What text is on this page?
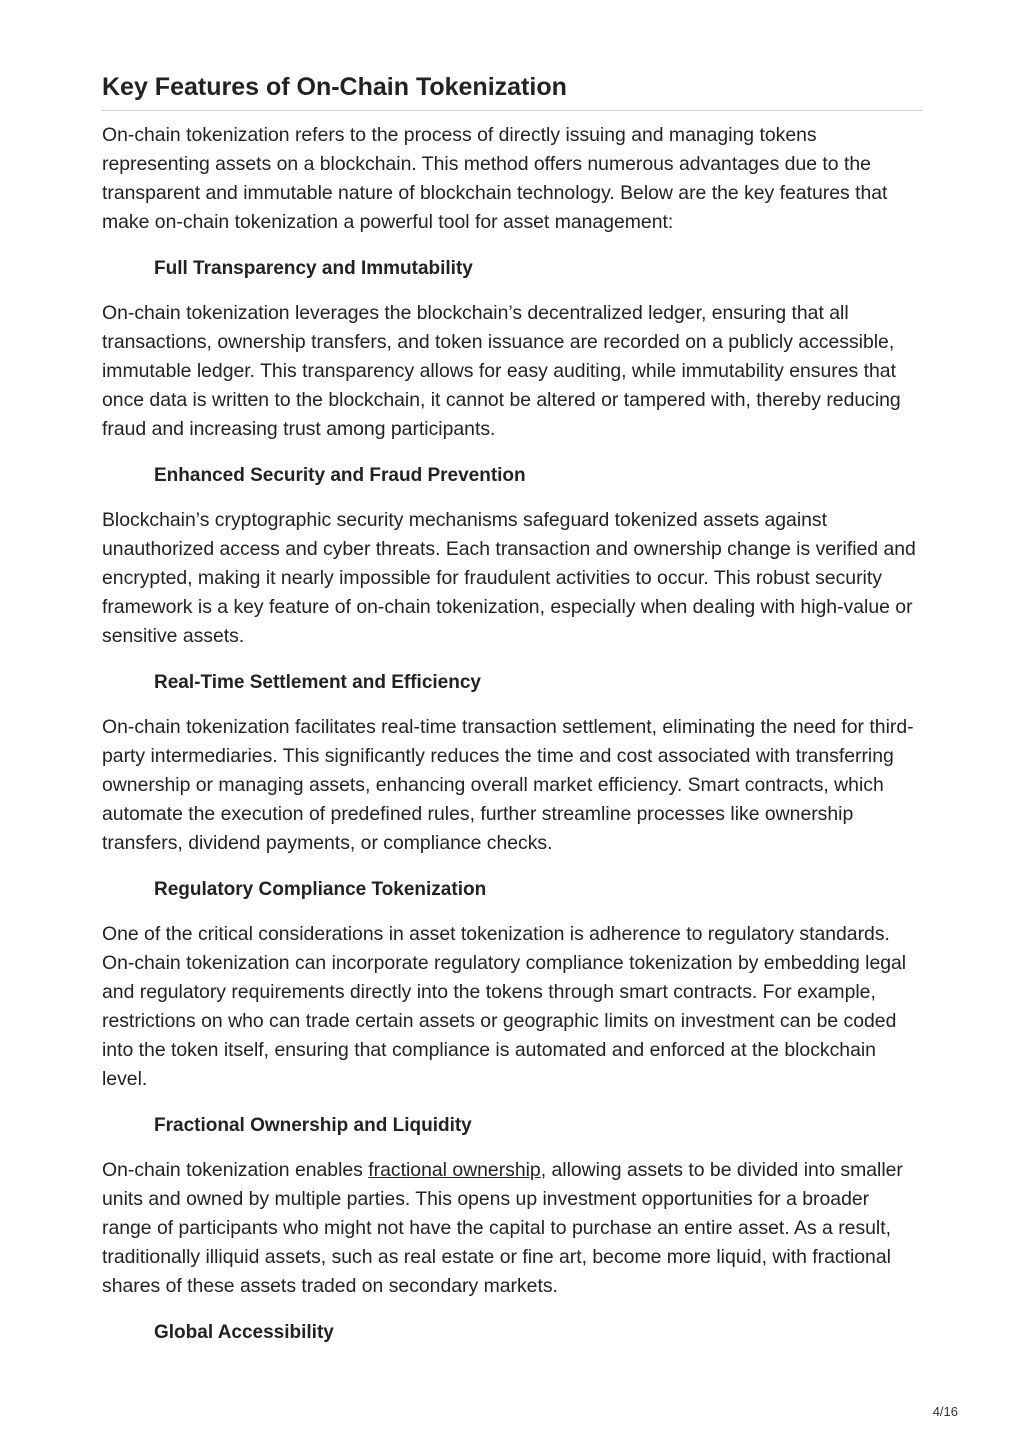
Key Features of On-Chain Tokenization

On-chain tokenization refers to the process of directly issuing and managing tokens representing assets on a blockchain. This method offers numerous advantages due to the transparent and immutable nature of blockchain technology. Below are the key features that make on-chain tokenization a powerful tool for asset management:

Full Transparency and Immutability

On-chain tokenization leverages the blockchain’s decentralized ledger, ensuring that all transactions, ownership transfers, and token issuance are recorded on a publicly accessible, immutable ledger. This transparency allows for easy auditing, while immutability ensures that once data is written to the blockchain, it cannot be altered or tampered with, thereby reducing fraud and increasing trust among participants.

Enhanced Security and Fraud Prevention

Blockchain’s cryptographic security mechanisms safeguard tokenized assets against unauthorized access and cyber threats. Each transaction and ownership change is verified and encrypted, making it nearly impossible for fraudulent activities to occur. This robust security framework is a key feature of on-chain tokenization, especially when dealing with high-value or sensitive assets.

Real-Time Settlement and Efficiency

On-chain tokenization facilitates real-time transaction settlement, eliminating the need for third-party intermediaries. This significantly reduces the time and cost associated with transferring ownership or managing assets, enhancing overall market efficiency. Smart contracts, which automate the execution of predefined rules, further streamline processes like ownership transfers, dividend payments, or compliance checks.

Regulatory Compliance Tokenization

One of the critical considerations in asset tokenization is adherence to regulatory standards. On-chain tokenization can incorporate regulatory compliance tokenization by embedding legal and regulatory requirements directly into the tokens through smart contracts. For example, restrictions on who can trade certain assets or geographic limits on investment can be coded into the token itself, ensuring that compliance is automated and enforced at the blockchain level.

Fractional Ownership and Liquidity

On-chain tokenization enables fractional ownership, allowing assets to be divided into smaller units and owned by multiple parties. This opens up investment opportunities for a broader range of participants who might not have the capital to purchase an entire asset. As a result, traditionally illiquid assets, such as real estate or fine art, become more liquid, with fractional shares of these assets traded on secondary markets.

Global Accessibility
4/16
